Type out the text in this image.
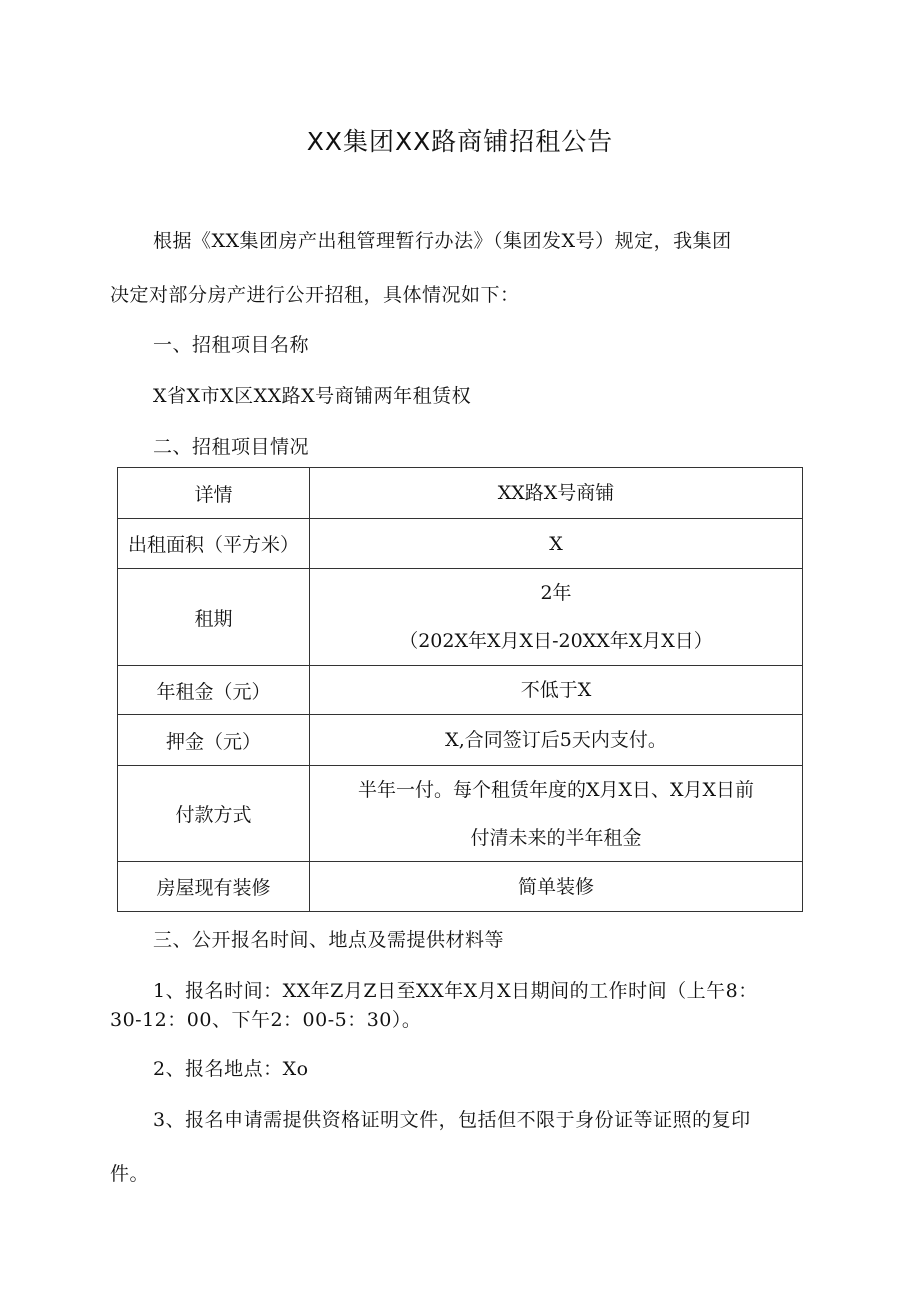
XX集团XX路商铺招租公告
根据《XX集团房产出租管理暂行办法》（集团发X号）规定，我集团
决定对部分房产进行公开招租，具体情况如下：
一、招租项目名称
X省X市X区XX路X号商铺两年租赁权
二、招租项目情况
详情	XX路X号商铺

出租面积（平方米）	X

租期	2年
（202X年X月X日-20XX年X月X日）

年租金（元）	不低于X

押金（元）	X,合同签订后5天内支付。

付款方式	半年一付。每个租赁年度的X月X日、X月X日前
付清未来的半年租金

房屋现有装修	简单装修
三、公开报名时间、地点及需提供材料等
1、报名时间：XX年Z月Z日至XX年X月X日期间的工作时间（上午8：
30-12：00、下午2：00-5：30）。
2、报名地点：Xo
3、报名申请需提供资格证明文件，包括但不限于身份证等证照的复印
件。
